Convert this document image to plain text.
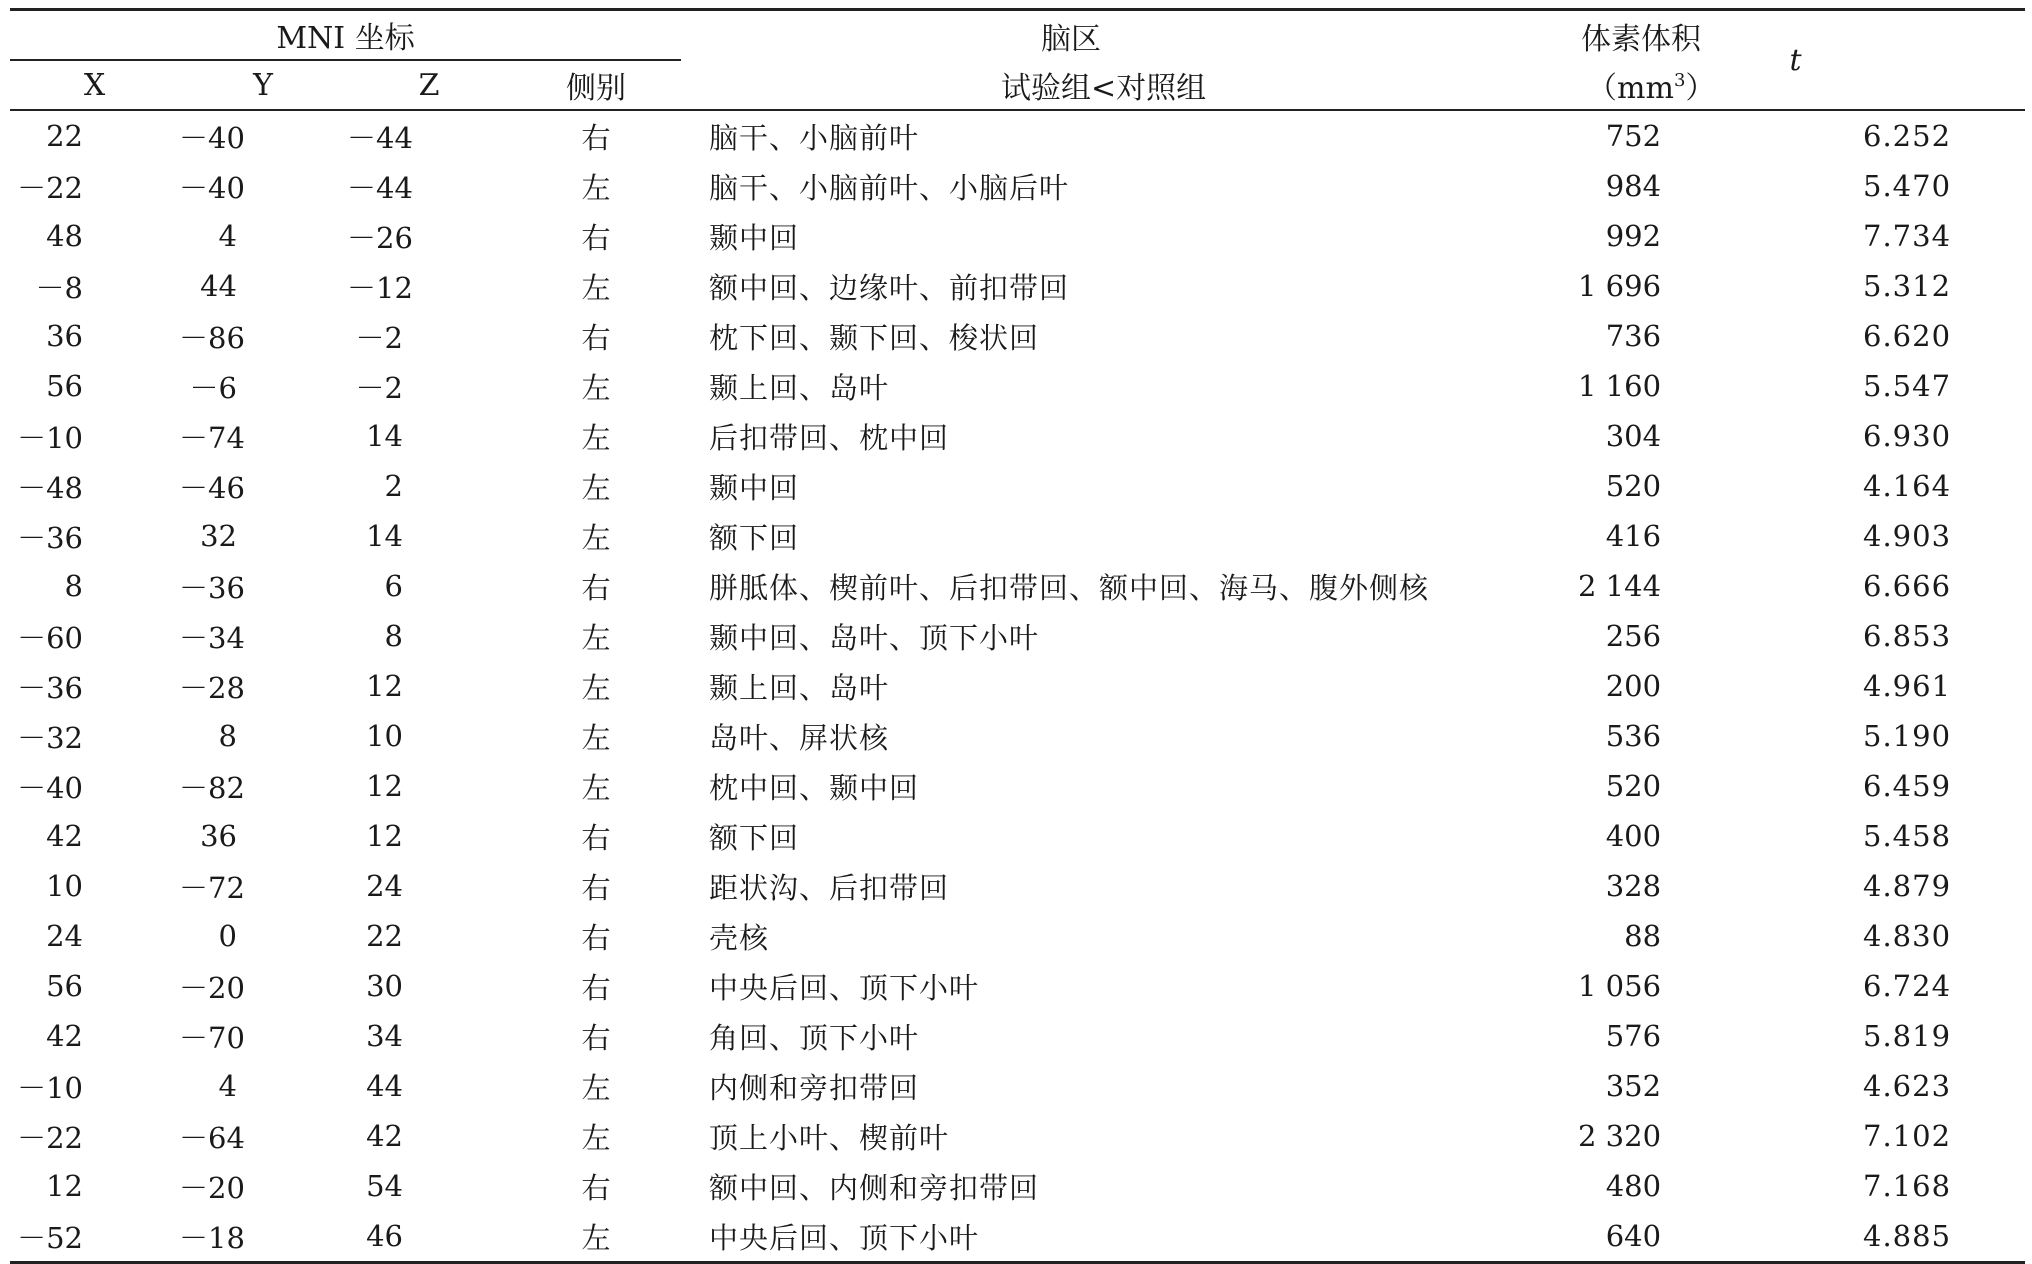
MNI 坐标				脑区	体素体积	t
X	Y	Z	侧别	试验组<对照组	$(mm^3)$	
22	－40	－44	右	脑干、小脑前叶	752	6.252
－22	－40	－44	左	脑干、小脑前叶、小脑后叶	984	5.470
48	4	－26	右	颞中回	992	7.734
－8	44	－12	左	额中回、边缘叶、前扣带回	1 696	5.312
36	－86	－2	右	枕下回、颞下回、梭状回	736	6.620
56	－6	－2	左	颞上回、岛叶	1 160	5.547
－10	－74	14	左	后扣带回、枕中回	304	6.930
－48	－46	2	左	颞中回	520	4.164
－36	32	14	左	额下回	416	4.903
8	－36	6	右	胼胝体、楔前叶、后扣带回、额中回、海马、腹外侧核	2 144	6.666
－60	－34	8	左	颞中回、岛叶、顶下小叶	256	6.853
－36	－28	12	左	颞上回、岛叶	200	4.961
－32	8	10	左	岛叶、屏状核	536	5.190
－40	－82	12	左	枕中回、颞中回	520	6.459
42	36	12	右	额下回	400	5.458
10	－72	24	右	距状沟、后扣带回	328	4.879
24	0	22	右	壳核	88	4.830
56	－20	30	右	中央后回、顶下小叶	1 056	6.724
42	－70	34	右	角回、顶下小叶	576	5.819
－10	4	44	左	内侧和旁扣带回	352	4.623
－22	－64	42	左	顶上小叶、楔前叶	2 320	7.102
12	－20	54	右	额中回、内侧和旁扣带回	480	7.168
－52	－18	46	左	中央后回、顶下小叶	640	4.885
